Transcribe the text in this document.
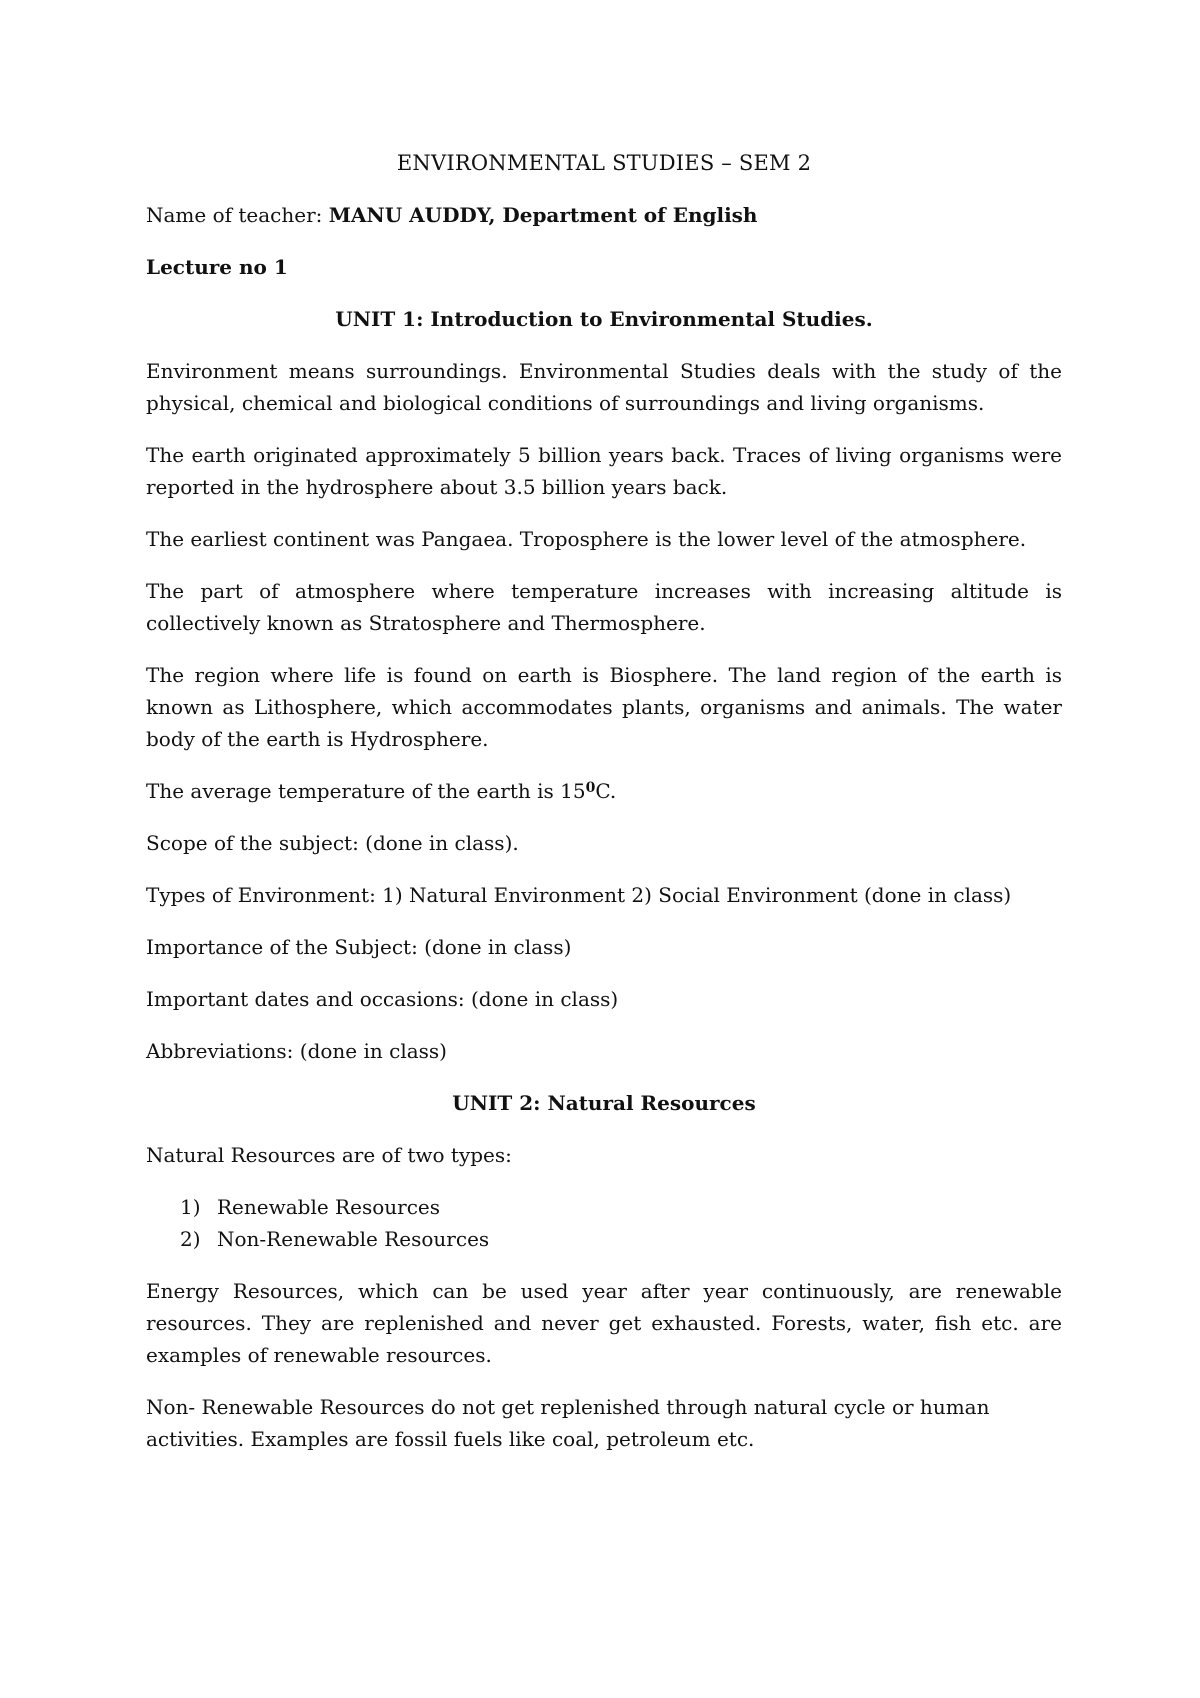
ENVIRONMENTAL STUDIES – SEM 2

Name of teacher: MANU AUDDY, Department of English

Lecture no 1

UNIT 1: Introduction to Environmental Studies.

Environment means surroundings. Environmental Studies deals with the study of the physical, chemical and biological conditions of surroundings and living organisms.

The earth originated approximately 5 billion years back. Traces of living organisms were reported in the hydrosphere about 3.5 billion years back.

The earliest continent was Pangaea. Troposphere is the lower level of the atmosphere.

The part of atmosphere where temperature increases with increasing altitude is collectively known as Stratosphere and Thermosphere.

The region where life is found on earth is Biosphere. The land region of the earth is known as Lithosphere, which accommodates plants, organisms and animals. The water body of the earth is Hydrosphere.

The average temperature of the earth is $15^0C$.

Scope of the subject: (done in class).

Types of Environment: 1) Natural Environment 2) Social Environment (done in class)

Importance of the Subject: (done in class)

Important dates and occasions: (done in class)

Abbreviations: (done in class)

UNIT 2: Natural Resources

Natural Resources are of two types:

1) Renewable Resources
2) Non-Renewable Resources

Energy Resources, which can be used year after year continuously, are renewable resources. They are replenished and never get exhausted. Forests, water, fish etc. are examples of renewable resources.

Non- Renewable Resources do not get replenished through natural cycle or human activities. Examples are fossil fuels like coal, petroleum etc.
